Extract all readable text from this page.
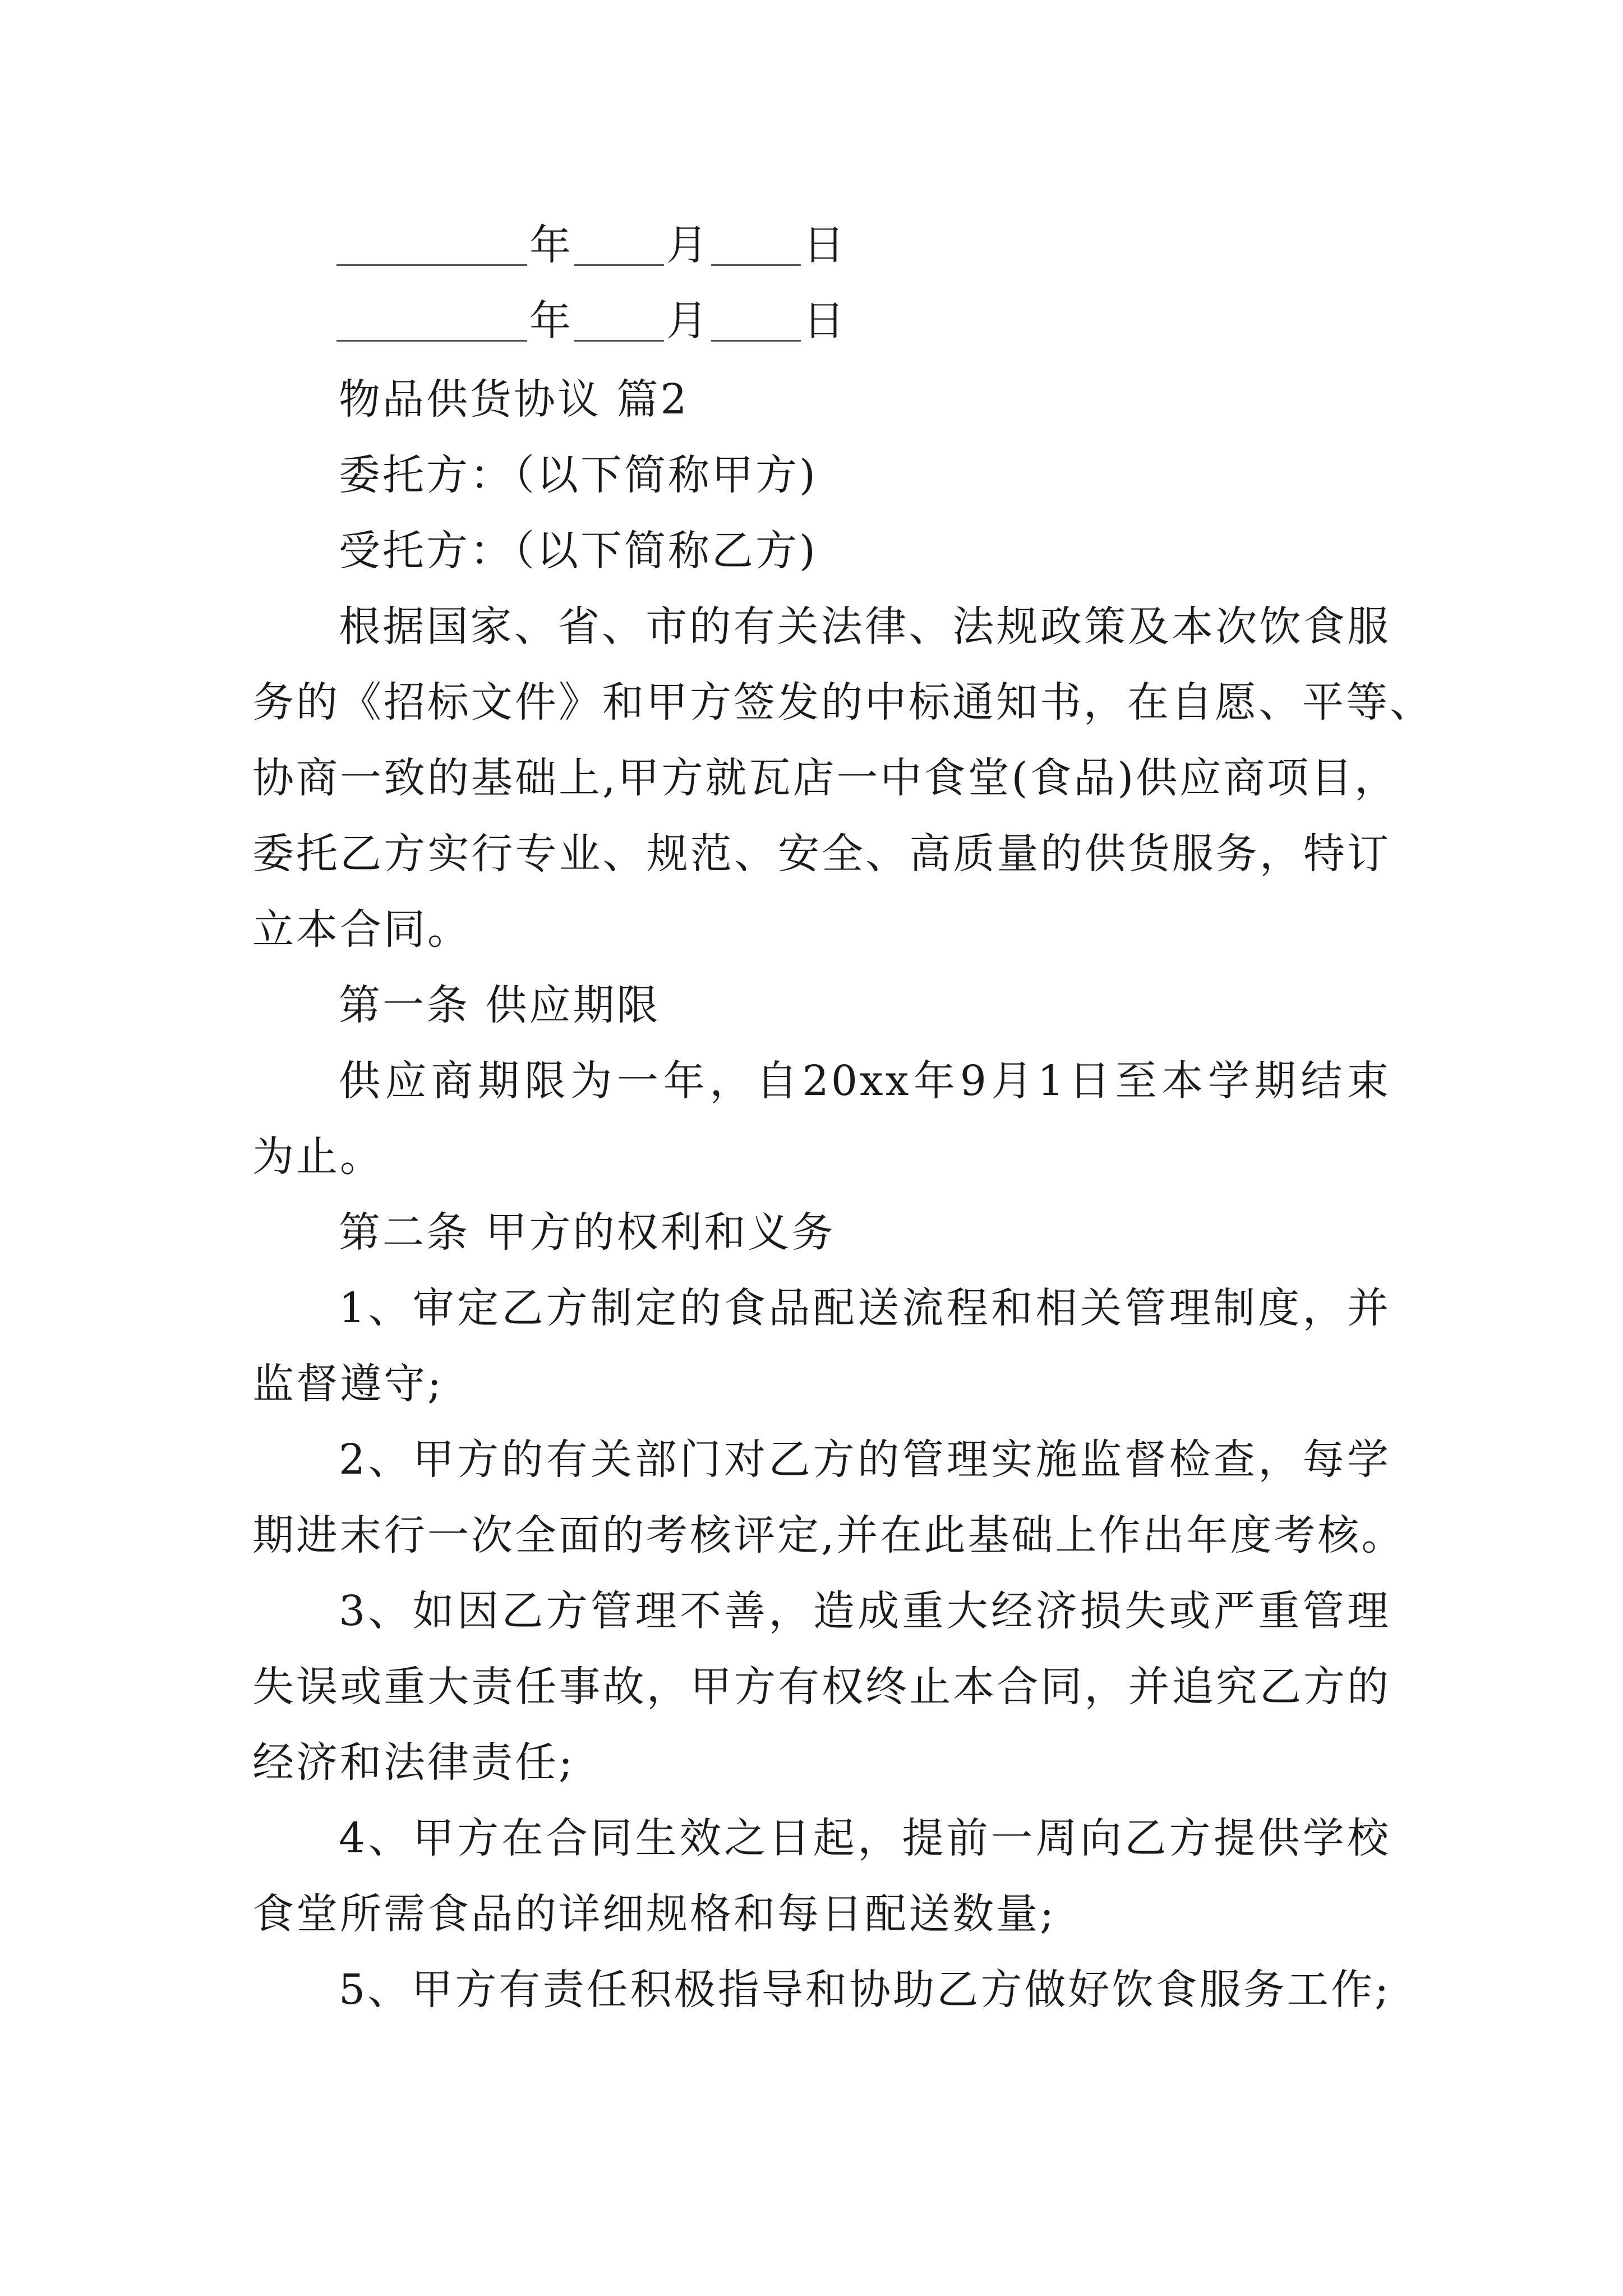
年 月 日
年 月 日
物品供货协议 篇2
委托方：（以下简称甲方)
受托方：（以下简称乙方)
根据国家、省、市的有关法律、法规政策及本次饮食服
务的《招标文件》和甲方签发的中标通知书，在自愿、平等、
协商一致的基础上,甲方就瓦店一中食堂(食品)供应商项目，
委托乙方实行专业、规范、安全、高质量的供货服务，特订
立本合同。
第一条 供应期限
供应商期限为一年，自20xx年9月1日至本学期结束
为止。
第二条 甲方的权利和义务
1、审定乙方制定的食品配送流程和相关管理制度，并
监督遵守;
2、甲方的有关部门对乙方的管理实施监督检查，每学
期进末行一次全面的考核评定,并在此基础上作出年度考核。
3、如因乙方管理不善，造成重大经济损失或严重管理
失误或重大责任事故，甲方有权终止本合同，并追究乙方的
经济和法律责任;
4、甲方在合同生效之日起，提前一周向乙方提供学校
食堂所需食品的详细规格和每日配送数量;
5、甲方有责任积极指导和协助乙方做好饮食服务工作;
